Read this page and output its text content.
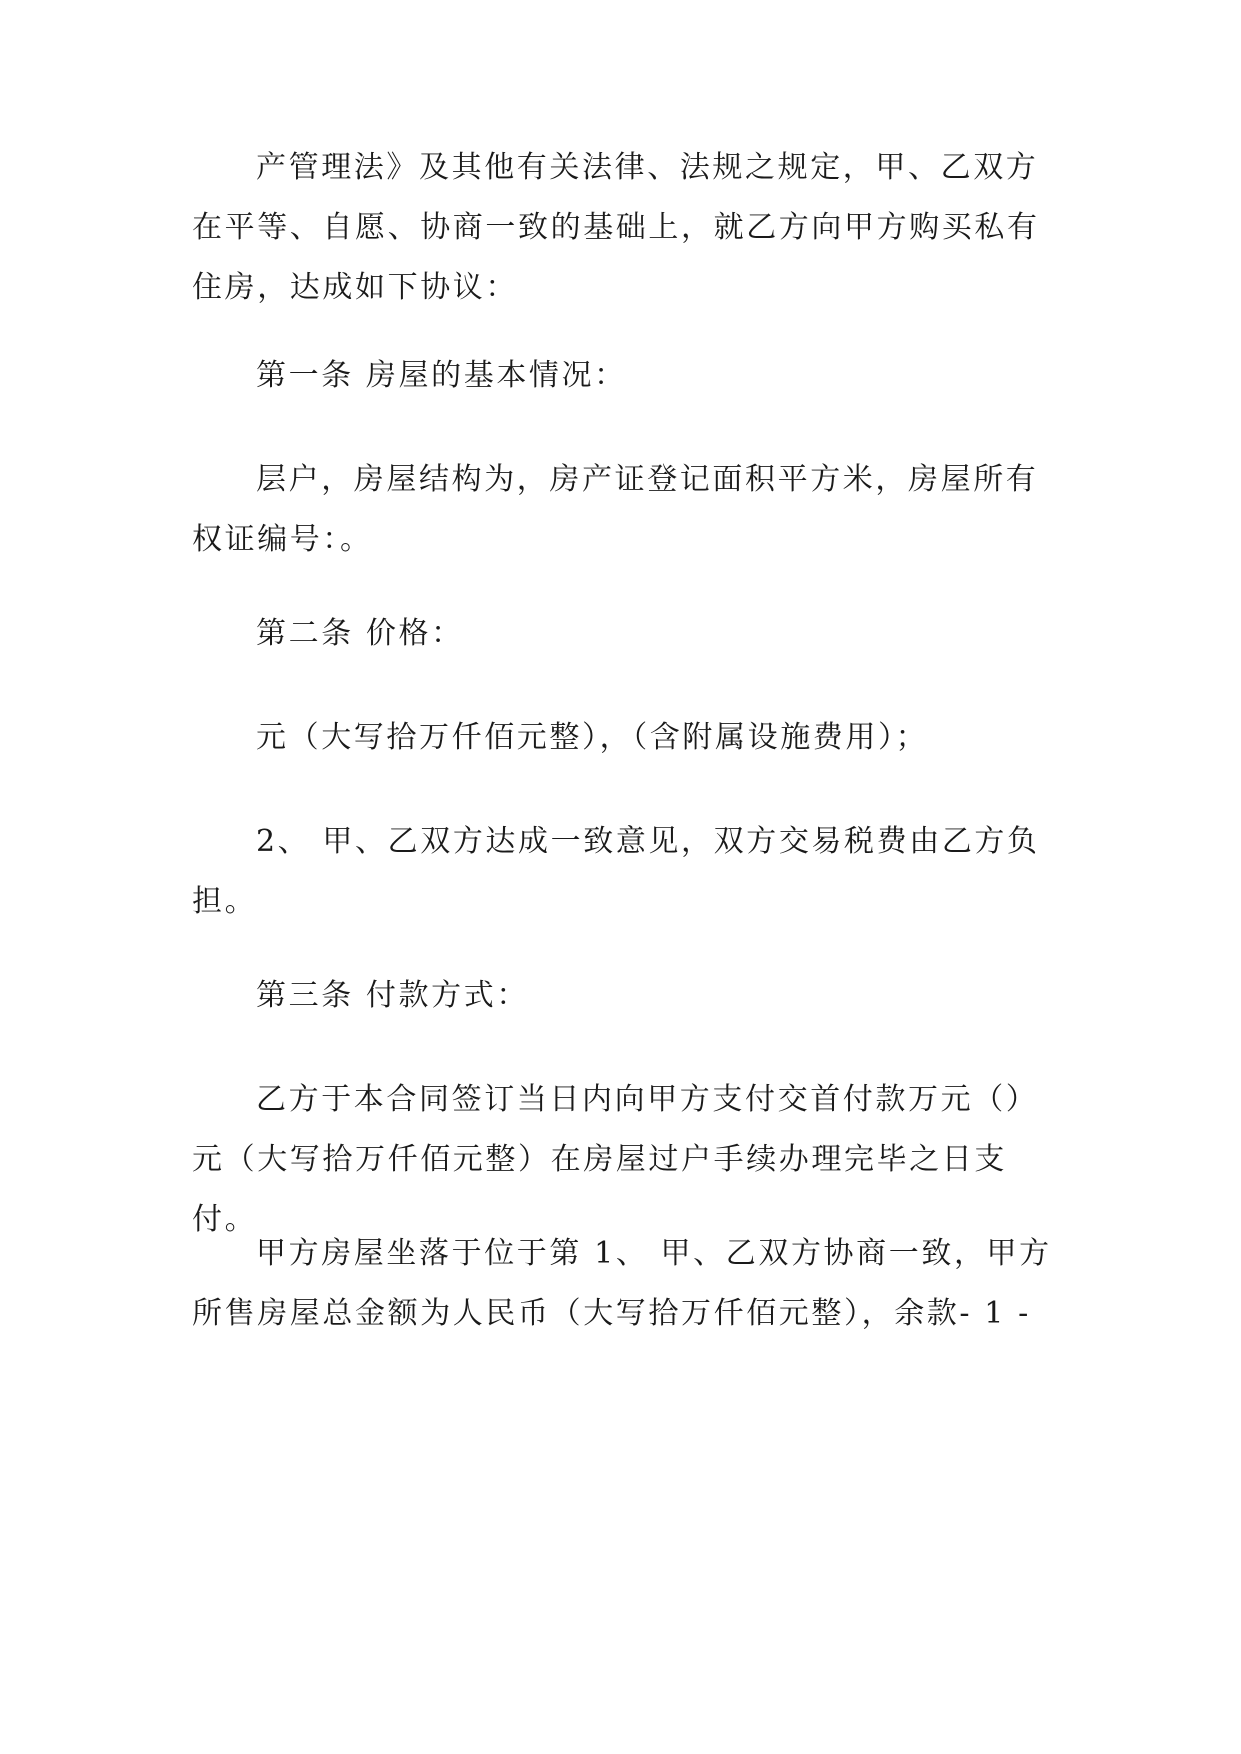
产管理法》及其他有关法律、法规之规定，甲、乙双方
在平等、自愿、协商一致的基础上，就乙方向甲方购买私有
住房，达成如下协议：
第一条 房屋的基本情况：
层户，房屋结构为，房产证登记面积平方米，房屋所有
权证编号：。
第二条 价格：
元（大写拾万仟佰元整），（含附属设施费用）；
2、 甲、乙双方达成一致意见，双方交易税费由乙方负
担。
第三条 付款方式：
乙方于本合同签订当日内向甲方支付交首付款万元（）
元（大写拾万仟佰元整）在房屋过户手续办理完毕之日支付。
甲方房屋坐落于位于第 1、 甲、乙双方协商一致，甲方
所售房屋总金额为人民币（大写拾万仟佰元整），余款- 1 -
